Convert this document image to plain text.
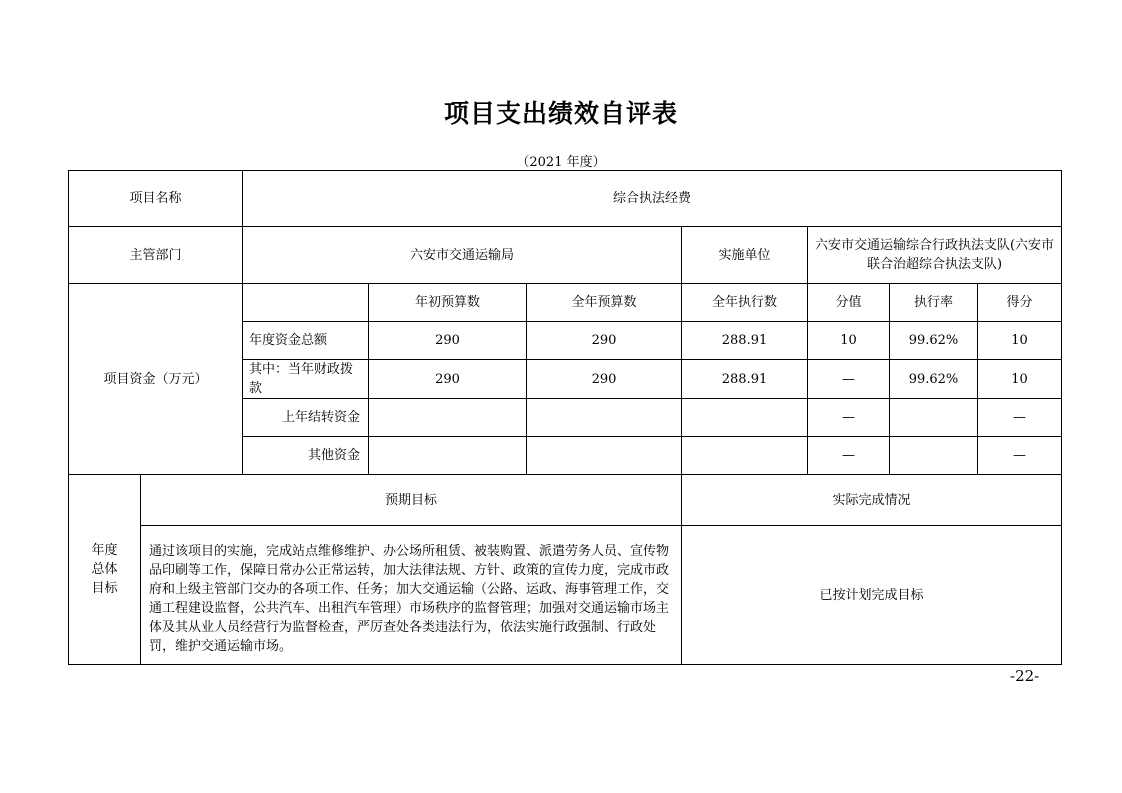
项目支出绩效自评表
（2021 年度）
项目名称		综合执法经费						
主管部门		六安市交通运输局			实施单位	六安市交通运输综合行政执法支队(六安市联合治超综合执法支队)		
项目资金（万元）			年初预算数	全年预算数	全年执行数	分值	执行率	得分
		年度资金总额	290	290	288.91	10	99.62%	10
		其中：当年财政拨款	290	290	288.91	—	99.62%	10
		上年结转资金				—		—
		其他资金				—		—
年度
总体
目标	预期目标				实际完成情况			
	通过该项目的实施，完成站点维修维护、办公场所租赁、被装购置、派遣劳务人员、宣传物品印刷等工作，保障日常办公正常运转，加大法律法规、方针、政策的宣传力度，完成市政府和上级主管部门交办的各项工作、任务；加大交通运输（公路、运政、海事管理工作，交通工程建设监督，公共汽车、出租汽车管理）市场秩序的监督管理；加强对交通运输市场主体及其从业人员经营行为监督检查，严厉查处各类违法行为，依法实施行政强制、行政处罚，维护交通运输市场。				已按计划完成目标			
-22-
